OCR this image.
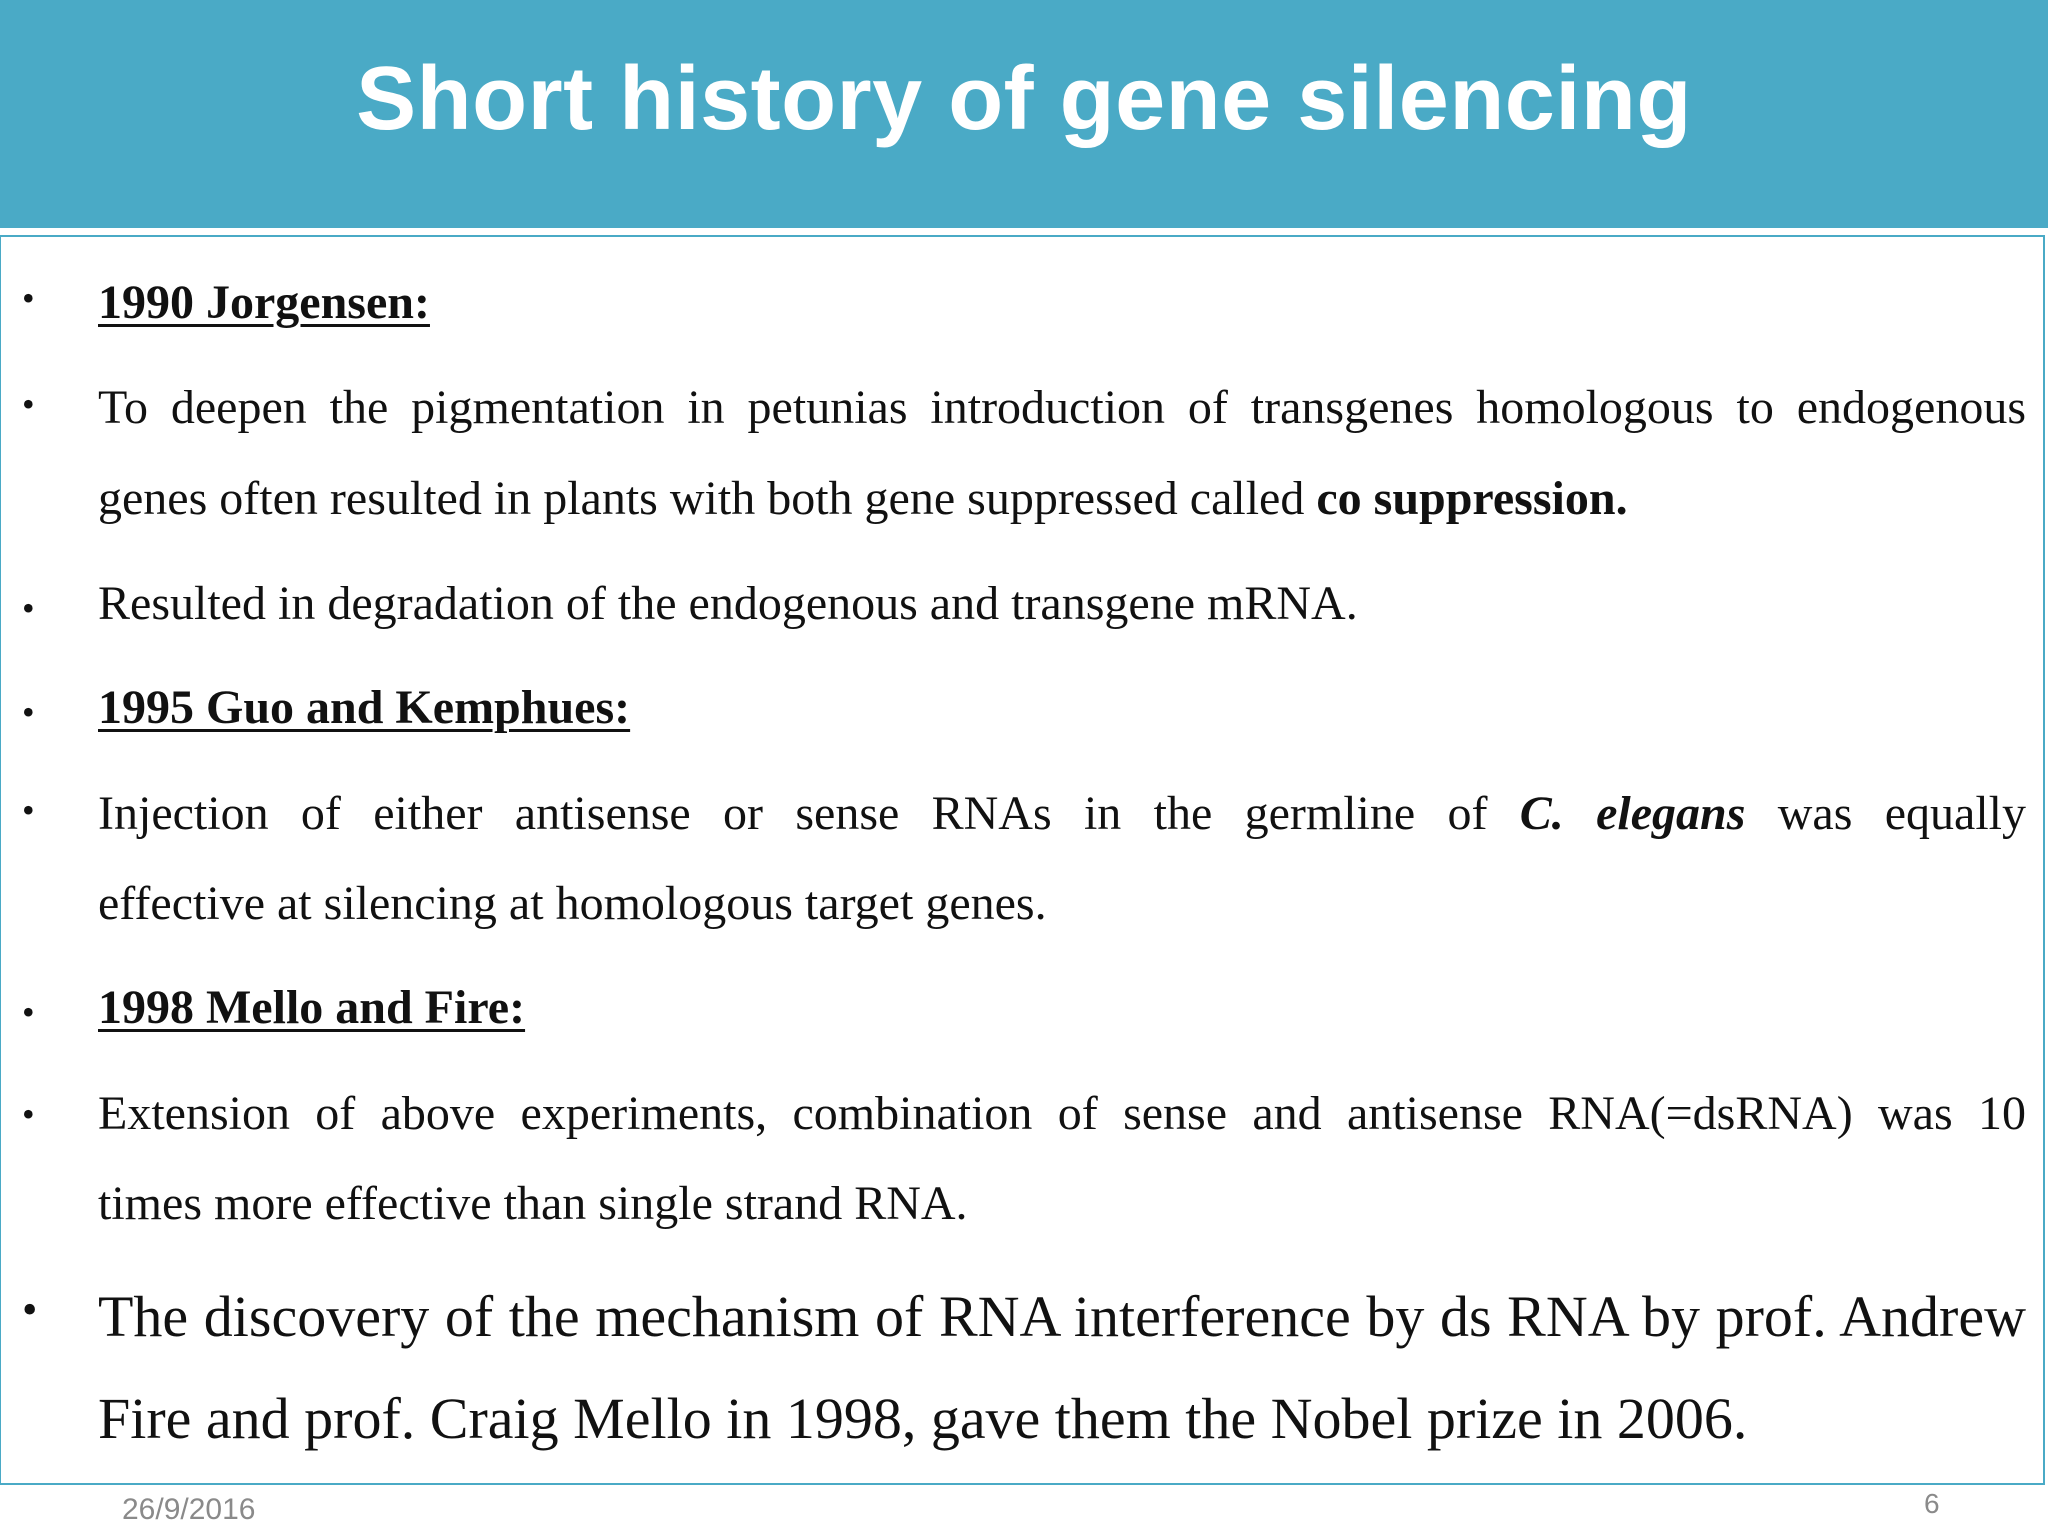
Short history of gene silencing
• 1990 Jorgensen:
• To deepen the pigmentation in petunias introduction of transgenes homologous to endogenous
genes often resulted in plants with both gene suppressed called co suppression.
• Resulted in degradation of the endogenous and transgene mRNA.
• 1995 Guo and Kemphues:
• Injection of either antisense or sense RNAs in the germline of C. elegans was equally
effective at silencing at homologous target genes.
• 1998 Mello and Fire:
• Extension of above experiments, combination of sense and antisense RNA(=dsRNA) was 10
times more effective than single strand RNA.
• The discovery of the mechanism of RNA interference by ds RNA by prof. Andrew
Fire and prof. Craig Mello in 1998, gave them the Nobel prize in 2006.
26/9/2016	6
